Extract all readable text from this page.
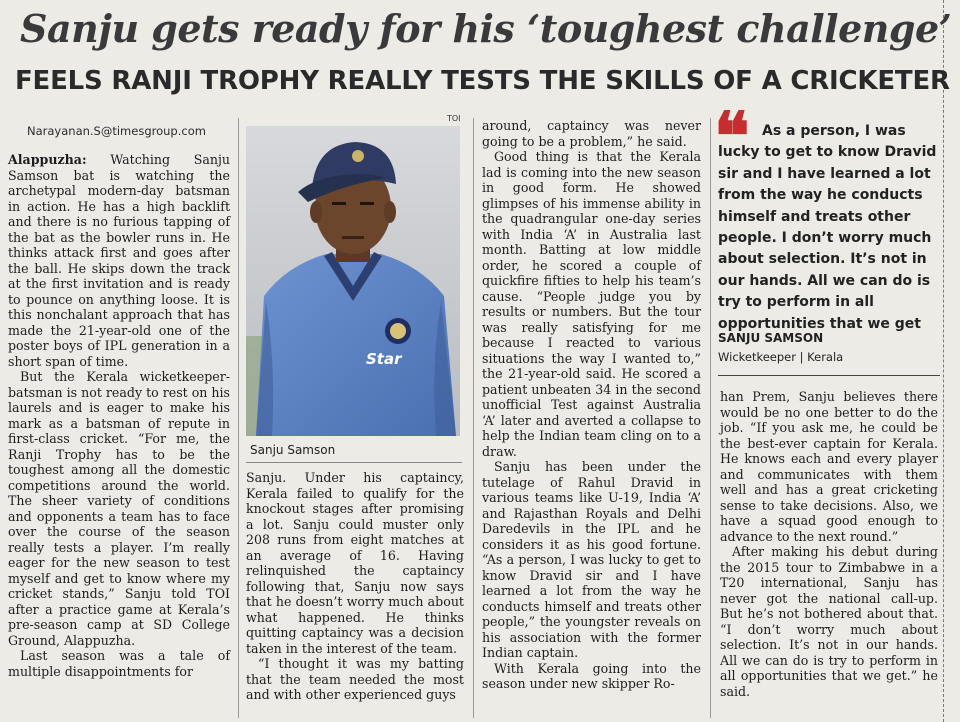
Sanju gets ready for his ‘toughest challenge’
FEELS RANJI TROPHY REALLY TESTS THE SKILLS OF A CRICKETER
Narayanan.S@timesgroup.com

Alappuzha: Watching Sanju Samson bat is watching the archetypal modern-day batsman in action. He has a high backlift and there is no furious tapping of the bat as the bowler runs in. He thinks attack first and goes after the ball. He skips down the track at the first invitation and is ready to pounce on anything loose. It is this nonchalant approach that has made the 21-year-old one of the poster boys of IPL generation in a short span of time.

But the Kerala wicketkeeper-batsman is not ready to rest on his laurels and is eager to make his mark as a batsman of repute in first-class cricket. “For me, the Ranji Trophy has to be the toughest among all the domestic competitions around the world. The sheer variety of conditions and opponents a team has to face over the course of the season really tests a player. I’m really eager for the new season to test myself and get to know where my cricket stands,” Sanju told TOI after a practice game at Kerala’s pre-season camp at SD College Ground, Alappuzha.

Last season was a tale of multiple disappointments for

TOI
Star
Sanju Samson

Sanju. Under his captaincy, Kerala failed to qualify for the knockout stages after promising a lot. Sanju could muster only 208 runs from eight matches at an average of 16. Having relinquished the captaincy following that, Sanju now says that he doesn’t worry much about what happened. He thinks quitting captaincy was a decision taken in the interest of the team.

“I thought it was my batting that the team needed the most and with other experienced guys

around, captaincy was never going to be a problem,” he said.

Good thing is that the Kerala lad is coming into the new season in good form. He showed glimpses of his immense ability in the quadrangular one-day series with India ‘A’ in Australia last month. Batting at low middle order, he scored a couple of quickfire fifties to help his team’s cause. “People judge you by results or numbers. But the tour was really satisfying for me because I reacted to various situations the way I wanted to,” the 21-year-old said. He scored a patient unbeaten 34 in the second unofficial Test against Australia ‘A’ later and averted a collapse to help the Indian team cling on to a draw.

Sanju has been under the tutelage of Rahul Dravid in various teams like U-19, India ‘A’ and Rajasthan Royals and Delhi Daredevils in the IPL and he considers it as his good fortune. “As a person, I was lucky to get to know Dravid sir and I have learned a lot from the way he conducts himself and treats other people,” the youngster reveals on his association with the former Indian captain.

With Kerala going into the season under new skipper Ro-

❝ As a person, I was lucky to get to know Dravid sir and I have learned a lot from the way he conducts himself and treats other people. I don’t worry much about selection. It’s not in our hands. All we can do is try to perform in all opportunities that we get

SANJU SAMSON
Wicketkeeper | Kerala

han Prem, Sanju believes there would be no one better to do the job. “If you ask me, he could be the best-ever captain for Kerala. He knows each and every player and communicates with them well and has a great cricketing sense to take decisions. Also, we have a squad good enough to advance to the next round.”

After making his debut during the 2015 tour to Zimbabwe in a T20 international, Sanju has never got the national call-up. But he’s not bothered about that. “I don’t worry much about selection. It’s not in our hands. All we can do is try to perform in all opportunities that we get.” he said.
